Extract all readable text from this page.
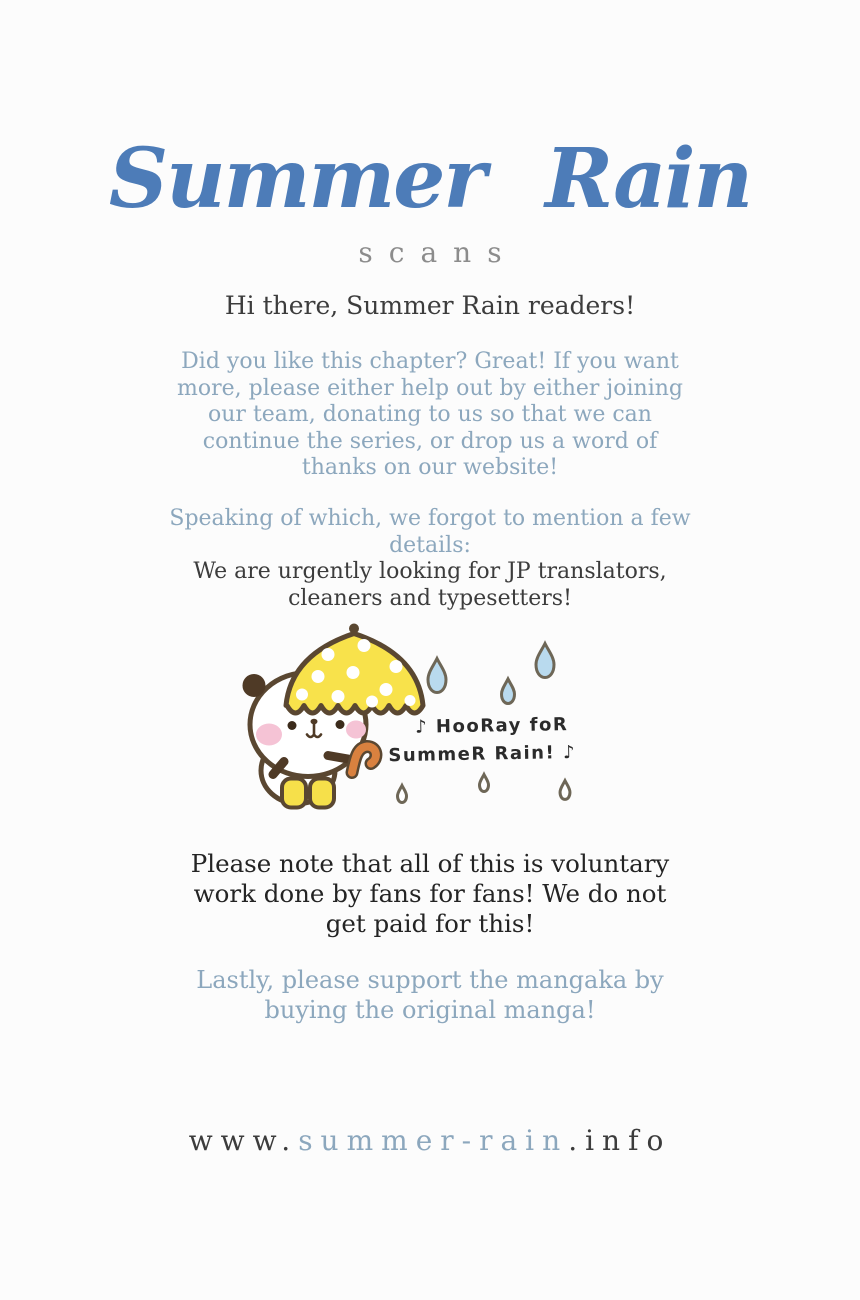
Summer Rain
scans
Hi there, Summer Rain readers!
Did you like this chapter? Great! If you want
more, please either help out by either joining
our team, donating to us so that we can
continue the series, or drop us a word of
thanks on our website!
Speaking of which, we forgot to mention a few
details:
We are urgently looking for JP translators,
cleaners and typesetters!
♪ HooRay foR
SummeR Rain! ♪
Please note that all of this is voluntary
work done by fans for fans! We do not
get paid for this!
Lastly, please support the mangaka by
buying the original manga!
www.summer-rain.info
